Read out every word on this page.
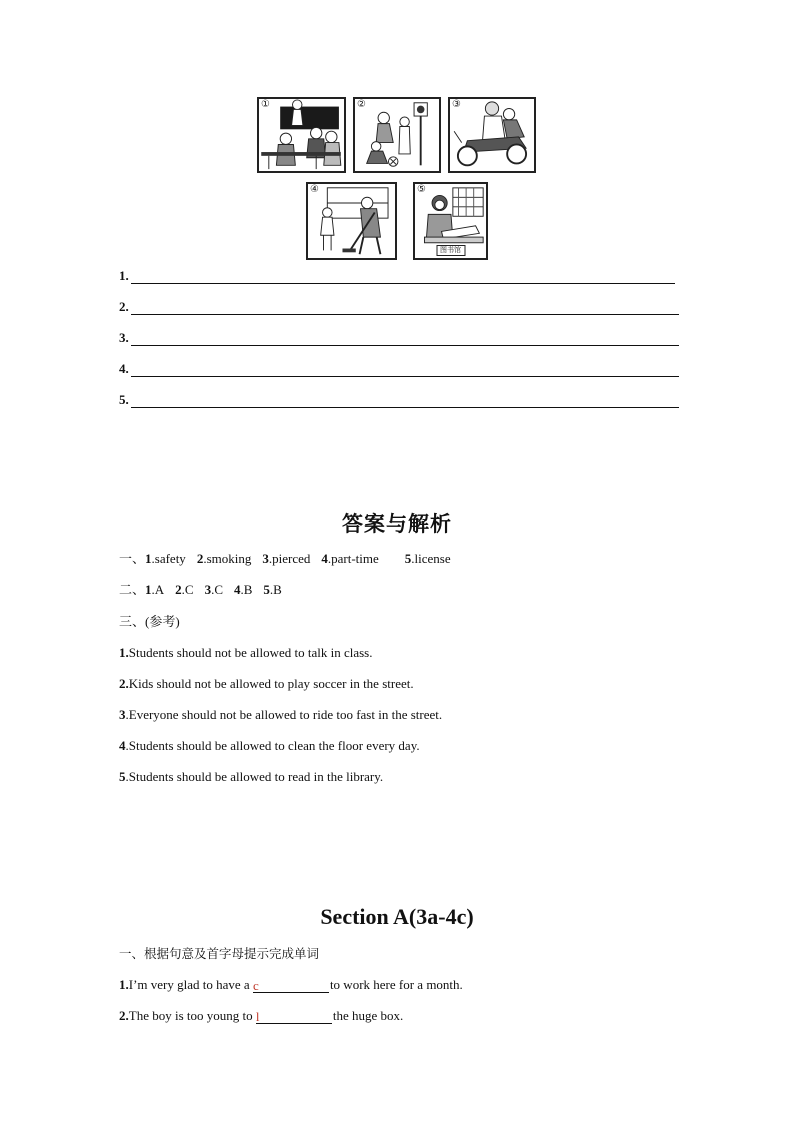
①	②	③
④	⑤
图书馆
1.
2.
3.
4.
5.
答案与解析
一、1.safety 2.smoking 3.pierced 4.part-time 5.license
二、1.A 2.C 3.C 4.B 5.B
三、(参考)
1.Students should not be allowed to talk in class.
2.Kids should not be allowed to play soccer in the street.
3.Everyone should not be allowed to ride too fast in the street.
4.Students should be allowed to clean the floor every day.
5.Students should be allowed to read in the library.
Section A(3a-4c)
一、根据句意及首字母提示完成单词
1.I’m very glad to have a c	to work here for a month.
2.The boy is too young to l	the huge box.
